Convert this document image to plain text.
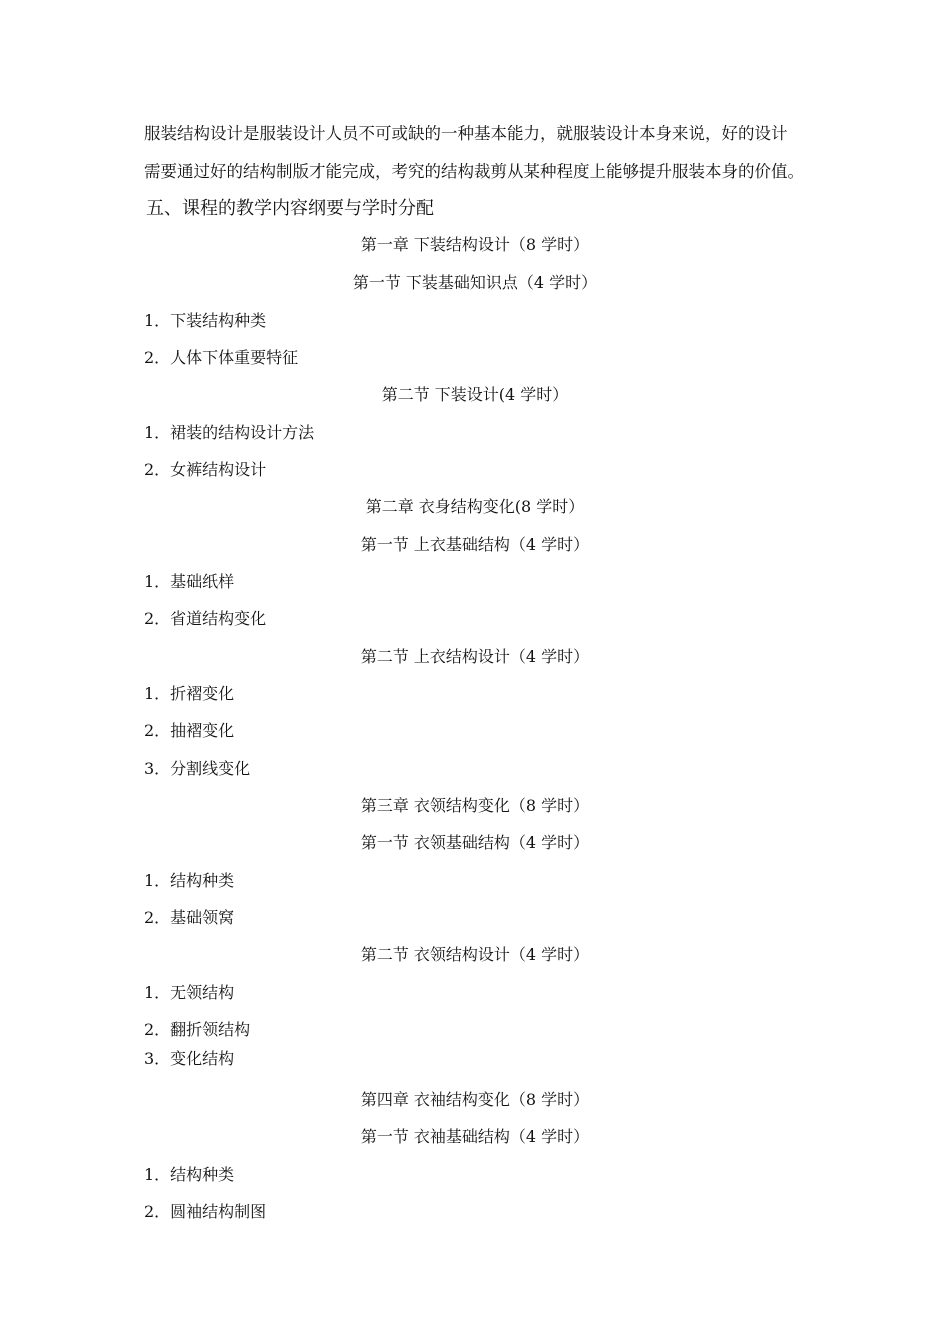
服装结构设计是服装设计人员不可或缺的一种基本能力，就服装设计本身来说，好的设计
需要通过好的结构制版才能完成，考究的结构裁剪从某种程度上能够提升服装本身的价值。
五、课程的教学内容纲要与学时分配
第一章 下装结构设计（8 学时）
第一节 下装基础知识点（4 学时）
1．下装结构种类
2．人体下体重要特征
第二节 下装设计(4 学时）
1．裙装的结构设计方法
2．女裤结构设计
第二章 衣身结构变化(8 学时）
第一节 上衣基础结构（4 学时）
1．基础纸样
2．省道结构变化
第二节 上衣结构设计（4 学时）
1．折褶变化
2．抽褶变化
3．分割线变化
第三章 衣领结构变化（8 学时）
第一节 衣领基础结构（4 学时）
1．结构种类
2．基础领窝
第二节 衣领结构设计（4 学时）
1．无领结构
2．翻折领结构
3．变化结构
第四章 衣袖结构变化（8 学时）
第一节 衣袖基础结构（4 学时）
1．结构种类
2．圆袖结构制图
